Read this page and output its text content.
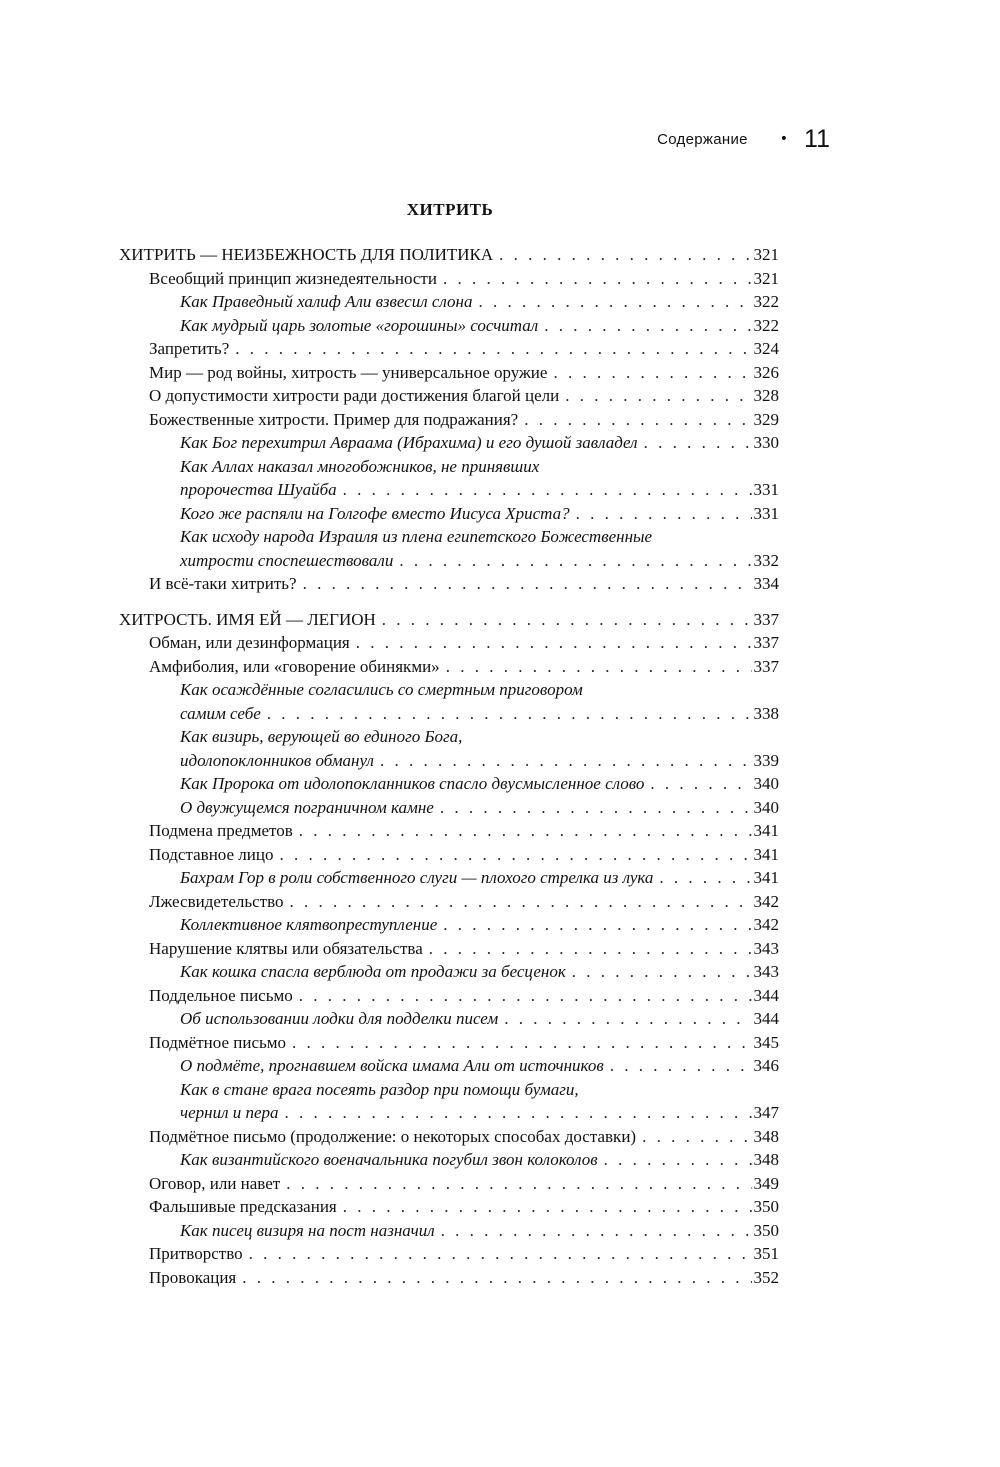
Содержание • 11
ХИТРИТЬ
ХИТРИТЬ — НЕИЗБЕЖНОСТЬ ДЛЯ ПОЛИТИКА . . .	321
Всеобщий принцип жизнедеятельности . . .	321
Как Праведный халиф Али взвесил слона . . .	322
Как мудрый царь золотые «горошины» сосчитал . . .	322
Запретить? . . .	324
Мир — род войны, хитрость — универсальное оружие . . .	326
О допустимости хитрости ради достижения благой цели . . .	328
Божественные хитрости. Пример для подражания? . . .	329
Как Бог перехитрил Авраама (Ибрахима) и его душой завладел . . .	330
Как Аллах наказал многобожников, не принявших
пророчества Шуайба . . .	331
Кого же распяли на Голгофе вместо Иисуса Христа? . . .	331
Как исходу народа Израиля из плена египетского Божественные
хитрости споспешествовали . . .	332
И всё-таки хитрить? . . .	334
ХИТРОСТЬ. ИМЯ ЕЙ — ЛЕГИОН . . .	337
Обман, или дезинформация . . .	337
Амфиболия, или «говорение обинякми» . . .	337
Как осаждённые согласились со смертным приговором
самим себе . . .	338
Как визирь, верующей во единого Бога,
идолопоклонников обманул . . .	339
Как Пророка от идолопокланников спасло двусмысленное слово . . .	340
О двужущемся пограничном камне . . .	340
Подмена предметов . . .	341
Подставное лицо . . .	341
Бахрам Гор в роли собственного слуги — плохого стрелка из лука . . .	341
Лжесвидетельство . . .	342
Коллективное клятвопреступление . . .	342
Нарушение клятвы или обязательства . . .	343
Как кошка спасла верблюда от продажи за бесценок . . .	343
Поддельное письмо . . .	344
Об использовании лодки для подделки писем . . .	344
Подмётное письмо . . .	345
О подмёте, прогнавшем войска имама Али от источников . . .	346
Как в стане врага посеять раздор при помощи бумаги,
чернил и пера . . .	347
Подмётное письмо (продолжение: о некоторых способах доставки) . . .	348
Как византийского военачальника погубил звон колоколов . . .	348
Оговор, или навет . . .	349
Фальшивые предсказания . . .	350
Как писец визиря на пост назначил . . .	350
Притворство . . .	351
Провокация . . .	352
